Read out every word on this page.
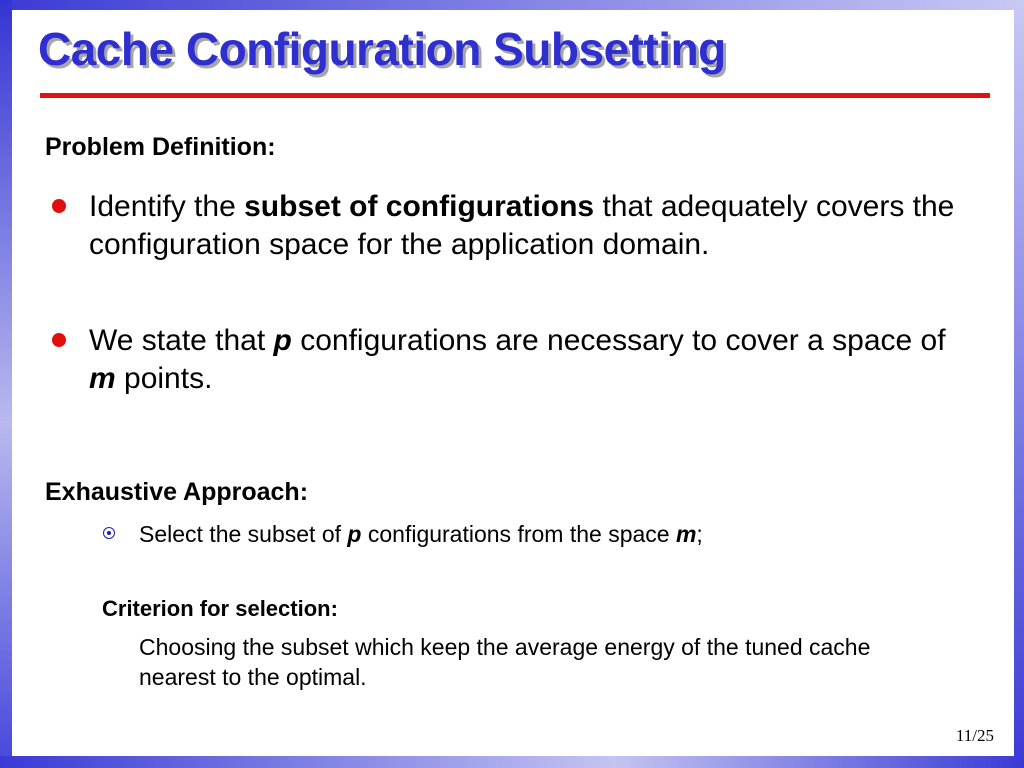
Cache Configuration Subsetting
Problem Definition:

Identify the subset of configurations that adequately covers the configuration space for the application domain.

We state that p configurations are necessary to cover a space of m points.

Exhaustive Approach:

Select the subset of p configurations from the space m;

Criterion for selection:

Choosing the subset which keep the average energy of the tuned cache nearest to the optimal.

11/25
